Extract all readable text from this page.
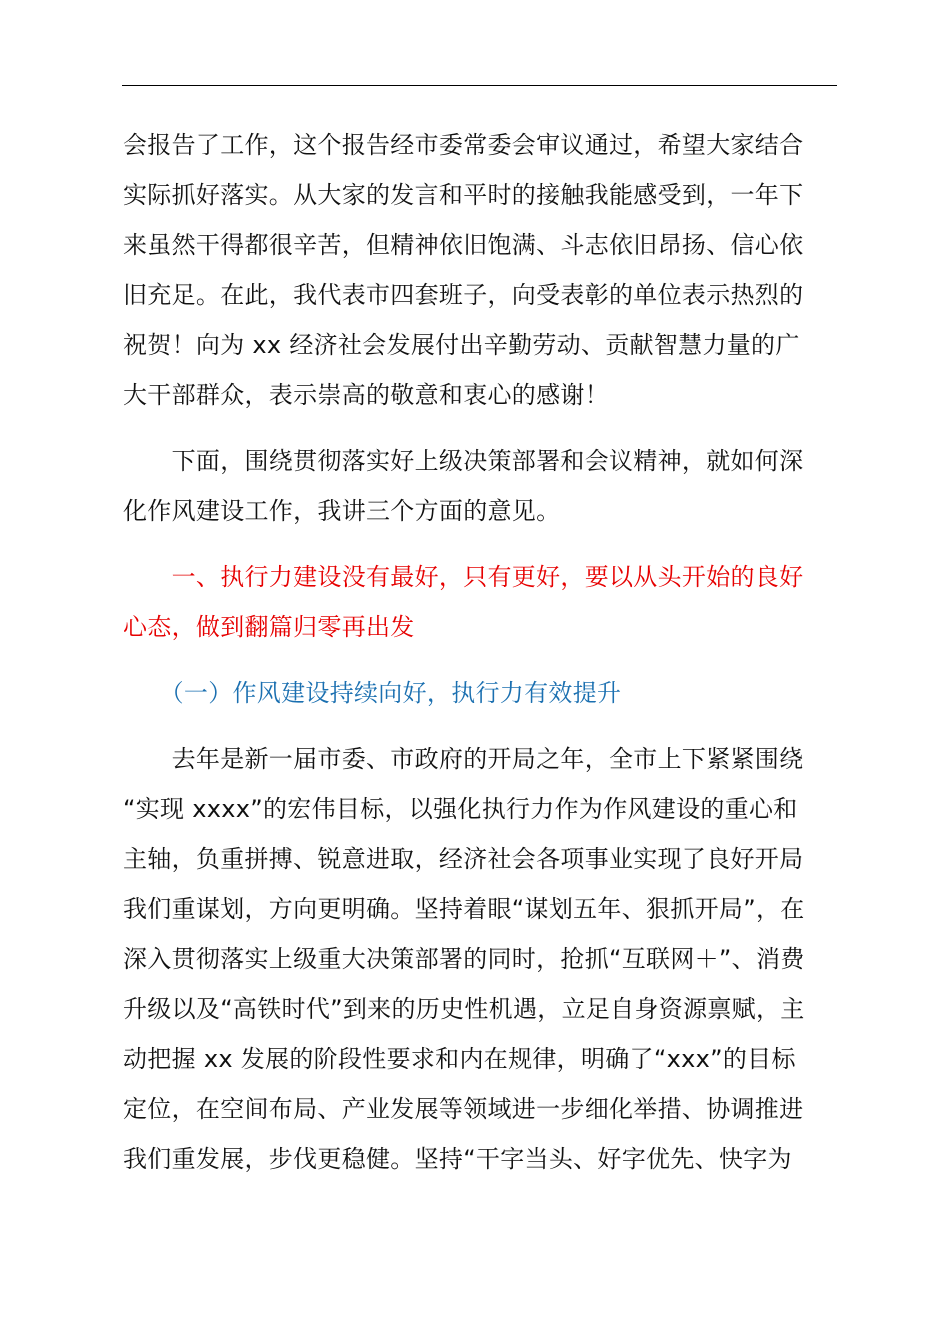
会报告了工作，这个报告经市委常委会审议通过，希望大家结合
实际抓好落实。从大家的发言和平时的接触我能感受到，一年下
来虽然干得都很辛苦，但精神依旧饱满、斗志依旧昂扬、信心依
旧充足。在此，我代表市四套班子，向受表彰的单位表示热烈的
祝贺！向为 xx 经济社会发展付出辛勤劳动、贡献智慧力量的广
大干部群众，表示崇高的敬意和衷心的感谢！

　　下面，围绕贯彻落实好上级决策部署和会议精神，就如何深
化作风建设工作，我讲三个方面的意见。

　　一、执行力建设没有最好，只有更好，要以从头开始的良好
心态，做到翻篇归零再出发

　　（一）作风建设持续向好，执行力有效提升

　　去年是新一届市委、市政府的开局之年，全市上下紧紧围绕
“实现 xxxx”的宏伟目标，以强化执行力作为作风建设的重心和
主轴，负重拼搏、锐意进取，经济社会各项事业实现了良好开局
我们重谋划，方向更明确。坚持着眼“谋划五年、狠抓开局”，在
深入贯彻落实上级重大决策部署的同时，抢抓“互联网＋”、消费
升级以及“高铁时代”到来的历史性机遇，立足自身资源禀赋，主
动把握 xx 发展的阶段性要求和内在规律，明确了“xxx”的目标
定位，在空间布局、产业发展等领域进一步细化举措、协调推进
我们重发展，步伐更稳健。坚持“干字当头、好字优先、快字为
